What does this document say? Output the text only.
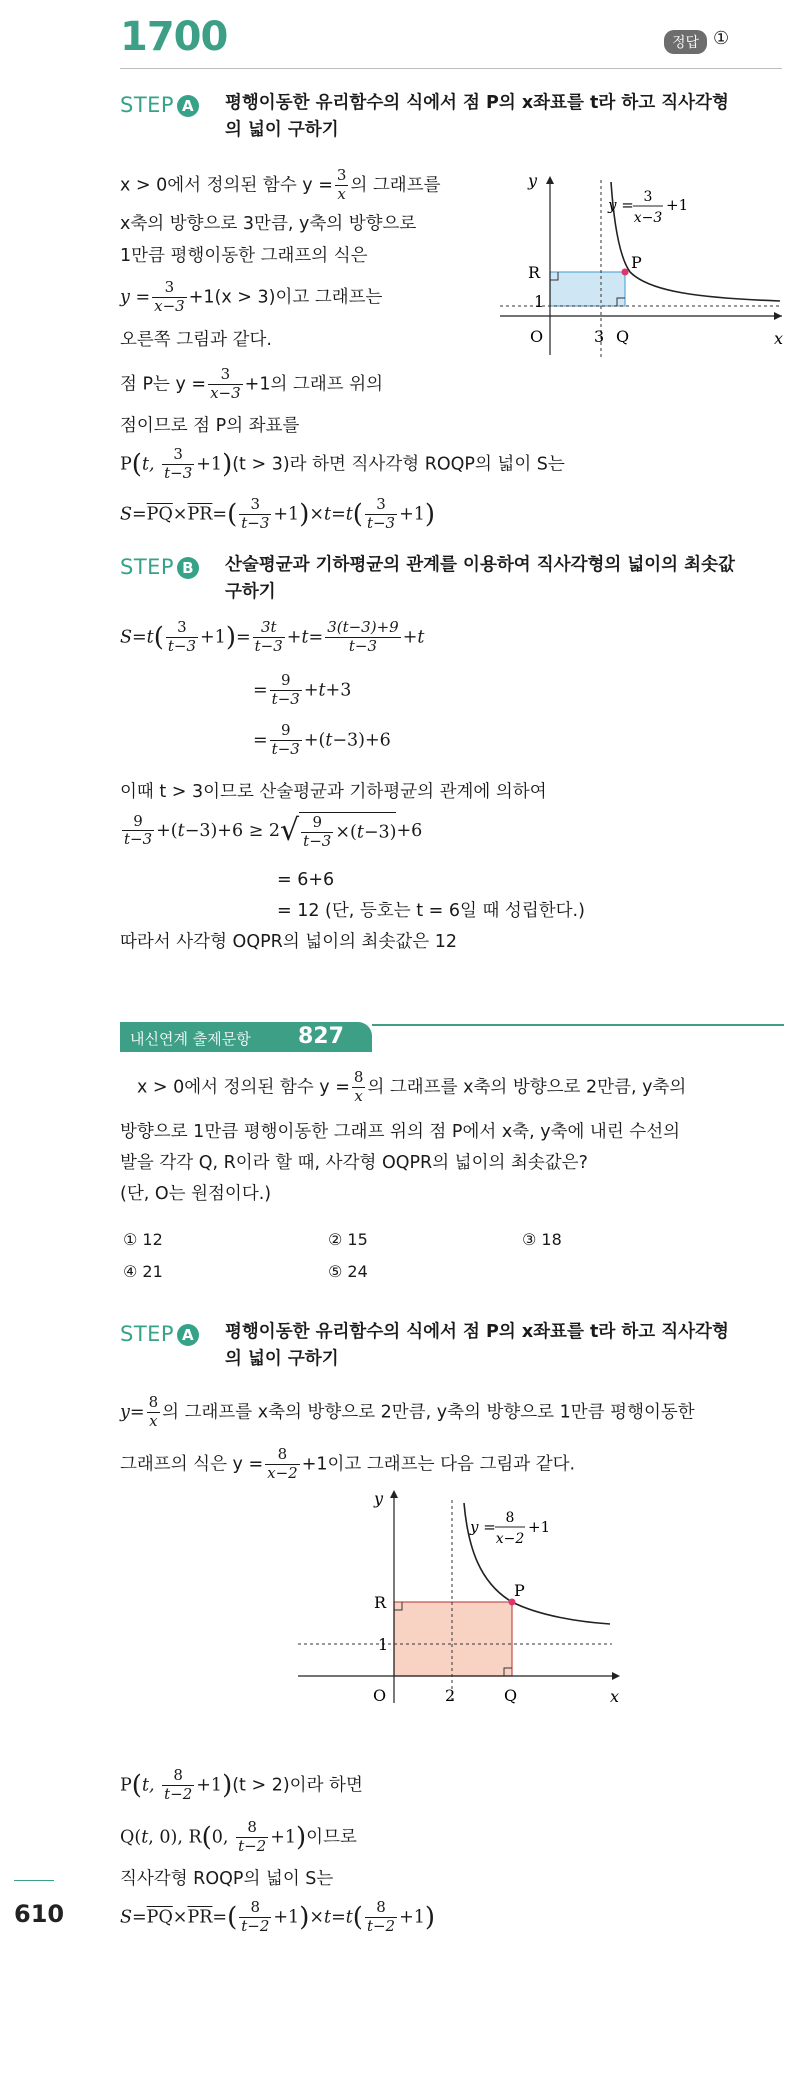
1700	정답 ①
STEP A 평행이동한 유리함수의 식에서 점 P의 x좌표를 t라 하고 직사각형
의 넓이 구하기
x > 0에서 정의된 함수 $y = \frac{3}{x}$ 의 그래프를
x축의 방향으로 3만큼, y축의 방향으로
1만큼 평행이동한 그래프의 식은
$y = \frac{3}{x-3} +1(x > 3)$이고 그래프는
오른쪽 그림과 같다.
점 P는 $y = \frac{3}{x-3} +1$의 그래프 위의
점이므로 점 P의 좌표를
P(t, $\frac{3}{t-3} +1)(t > 3)$라 하면 직사각형 ROQP의 넓이 S는
$S=\overline{PQ}\times\overline{PR}=( \frac{3}{t-3} +1)\times t=t( \frac{3}{t-3} +1)$
y
x
O	3 Q
1
R
P
y = 3
x−3
+1
STEP B 산술평균과 기하평균의 관계를 이용하여 직사각형의 넓이의 최솟값
구하기
$S=t( \frac{3}{t-3} +1)= \frac{3t}{t-3} +t= \frac{3(t-3)+9}{t-3} +t$
= $\frac{9}{t-3} +t+3$
= $\frac{9}{t-3} +(t-3)+6$
이때 t > 3이므로 산술평균과 기하평균의 관계에 의하여
$\frac{9}{t-3} +(t-3)+6 \ge 2√ \frac{9}{t-3} \times(t-3)+6$
= 6+6
= 12 (단, 등호는 t = 6일 때 성립한다.)
따라서 사각형 OQPR의 넓이의 최솟값은 12
내신연계 출제문항 827
x > 0에서 정의된 함수 $y = \frac{8}{x}$ 의 그래프를 x축의 방향으로 2만큼, y축의
방향으로 1만큼 평행이동한 그래프 위의 점 P에서 x축, y축에 내린 수선의
발을 각각 Q, R이라 할 때, 사각형 OQPR의 넓이의 최솟값은?
(단, O는 원점이다.)
① 12	② 15	③ 18
④ 21	⑤ 24
STEP A 평행이동한 유리함수의 식에서 점 P의 x좌표를 t라 하고 직사각형
의 넓이 구하기
$y= \frac{8}{x}$ 의 그래프를 x축의 방향으로 2만큼, y축의 방향으로 1만큼 평행이동한
그래프의 식은 $y = \frac{8}{x-2} +1$이고 그래프는 다음 그림과 같다.
y
x
O	2	Q
1
R
P
y = 8
x−2
+1
P(t, $\frac{8}{t-2} +1)(t > 2)$이라 하면
Q(t, 0), R(0, $\frac{8}{t-2} +1$)이므로
직사각형 ROQP의 넓이 S는
$S=\overline{PQ}\times\overline{PR}=( \frac{8}{t-2} +1)\times t=t( \frac{8}{t-2} +1)$
610
